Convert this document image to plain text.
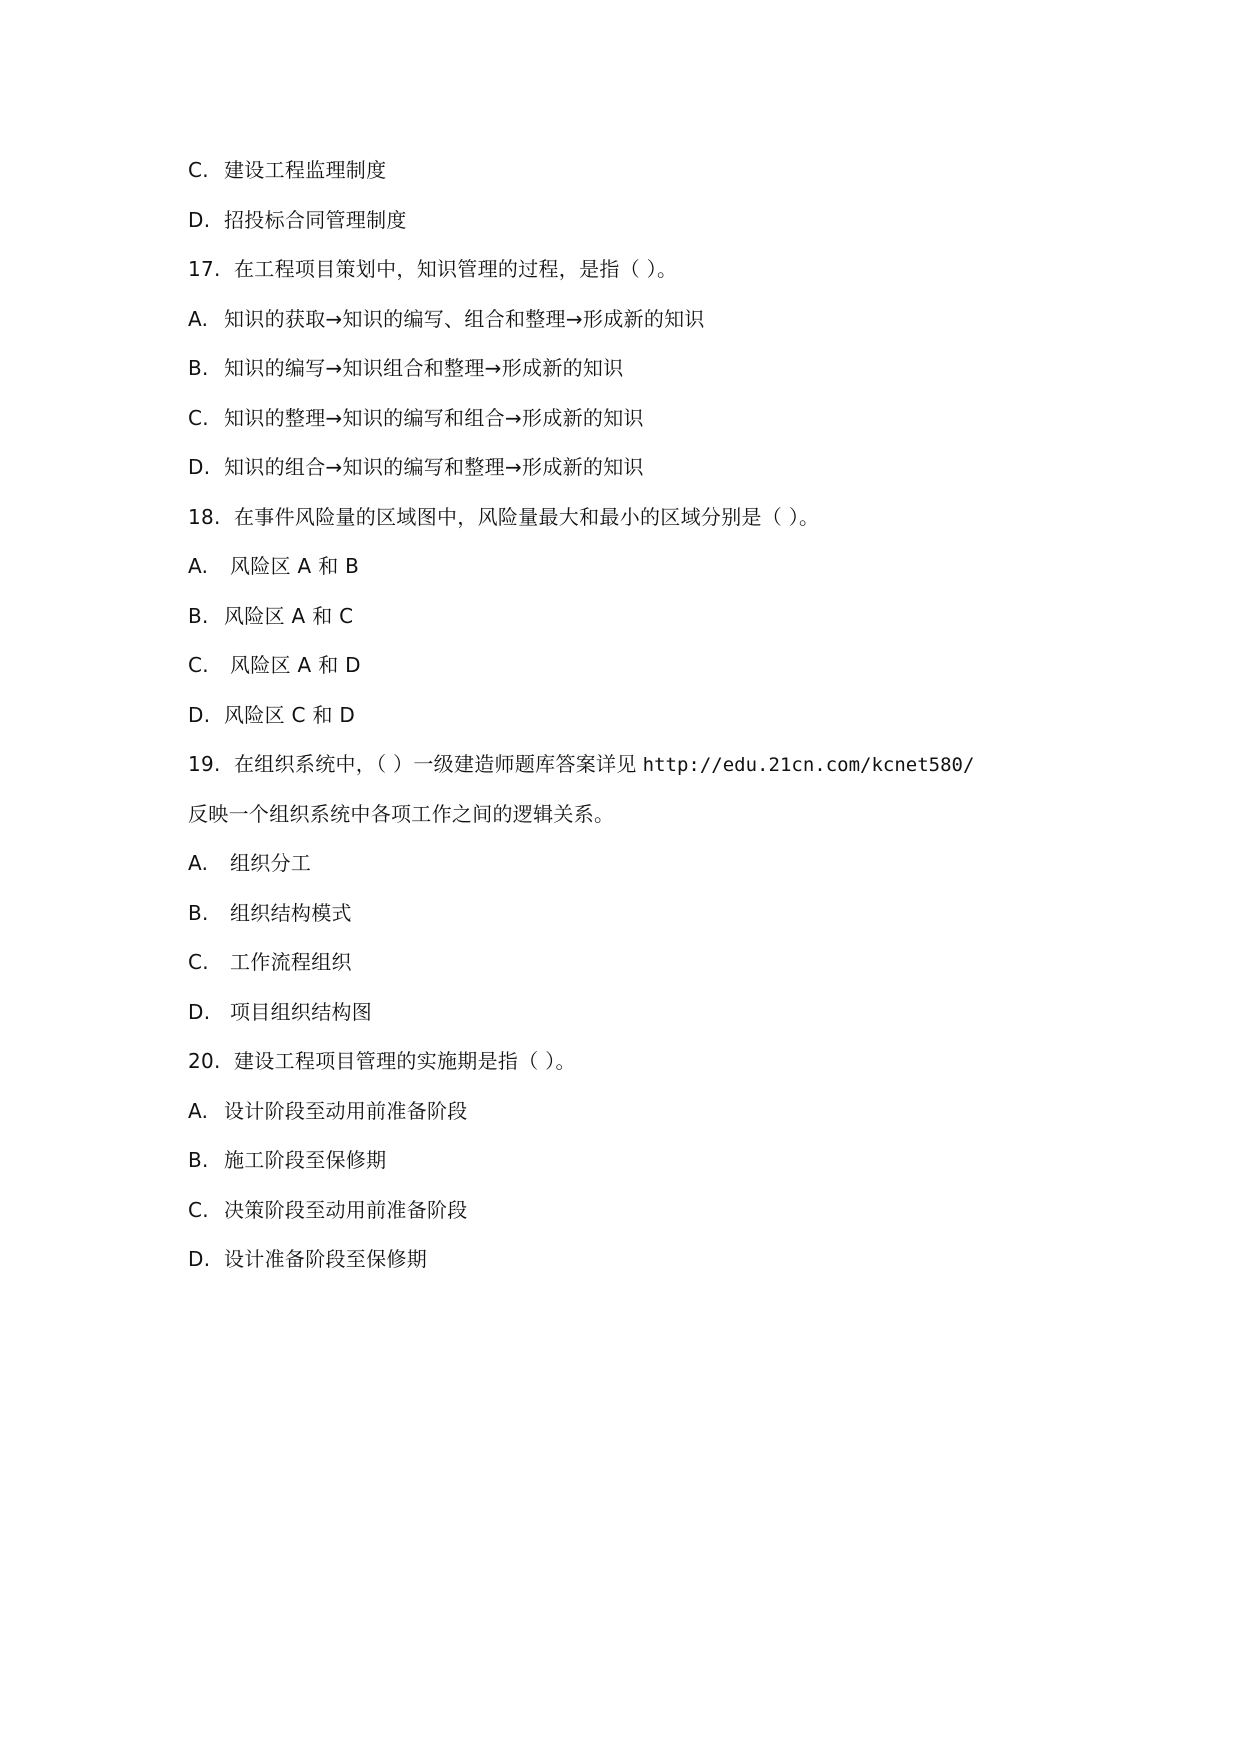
C. 建设工程监理制度
D. 招投标合同管理制度
17. 在工程项目策划中，知识管理的过程，是指（ ）。
A. 知识的获取→知识的编写、组合和整理→形成新的知识
B. 知识的编写→知识组合和整理→形成新的知识
C. 知识的整理→知识的编写和组合→形成新的知识
D. 知识的组合→知识的编写和整理→形成新的知识
18. 在事件风险量的区域图中，风险量最大和最小的区域分别是（ ）。
A. 风险区 A 和 B
B. 风险区 A 和 C
C. 风险区 A 和 D
D. 风险区 C 和 D
19. 在组织系统中，（ ）一级建造师题库答案详见 http://edu.21cn.com/kcnet580/
反映一个组织系统中各项工作之间的逻辑关系。
A. 组织分工
B. 组织结构模式
C. 工作流程组织
D. 项目组织结构图
20. 建设工程项目管理的实施期是指（ ）。
A. 设计阶段至动用前准备阶段
B. 施工阶段至保修期
C. 决策阶段至动用前准备阶段
D. 设计准备阶段至保修期
